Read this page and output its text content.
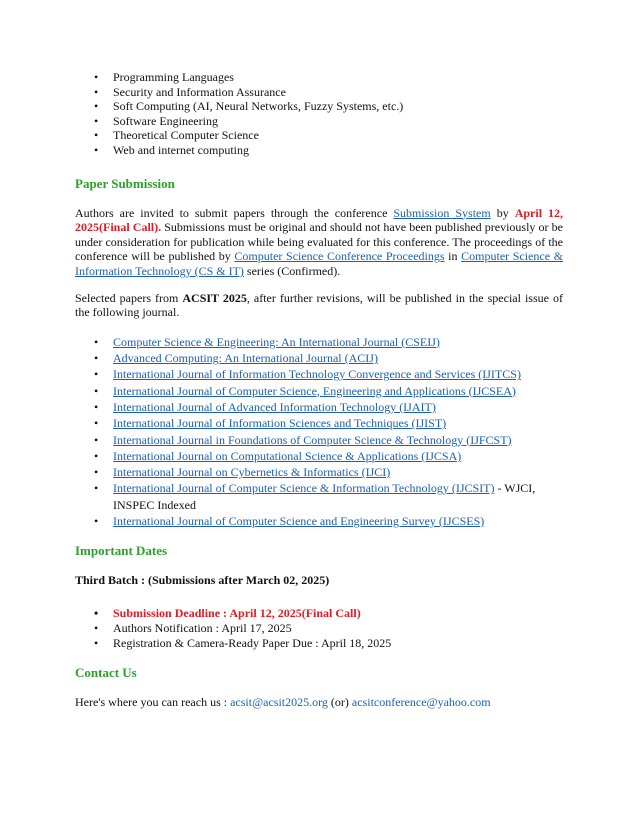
• Programming Languages
• Security and Information Assurance
• Soft Computing (AI, Neural Networks, Fuzzy Systems, etc.)
• Software Engineering
• Theoretical Computer Science
• Web and internet computing
Paper Submission

Authors are invited to submit papers through the conference Submission System by April 12, 2025(Final Call). Submissions must be original and should not have been published previously or be under consideration for publication while being evaluated for this conference. The proceedings of the conference will be published by Computer Science Conference Proceedings in Computer Science & Information Technology (CS & IT) series (Confirmed).

Selected papers from ACSIT 2025, after further revisions, will be published in the special issue of the following journal.

• Computer Science & Engineering: An International Journal (CSEIJ)
• Advanced Computing: An International Journal (ACIJ)
• International Journal of Information Technology Convergence and Services (IJITCS)
• International Journal of Computer Science, Engineering and Applications (IJCSEA)
• International Journal of Advanced Information Technology (IJAIT)
• International Journal of Information Sciences and Techniques (IJIST)
• International Journal in Foundations of Computer Science & Technology (IJFCST)
• International Journal on Computational Science & Applications (IJCSA)
• International Journal on Cybernetics & Informatics (IJCI)
• International Journal of Computer Science & Information Technology (IJCSIT) - WJCI, INSPEC Indexed
• International Journal of Computer Science and Engineering Survey (IJCSES)
Important Dates

Third Batch : (Submissions after March 02, 2025)

• Submission Deadline : April 12, 2025(Final Call)
• Authors Notification : April 17, 2025
• Registration & Camera-Ready Paper Due : April 18, 2025
Contact Us

Here's where you can reach us : acsit@acsit2025.org (or) acsitconference@yahoo.com
